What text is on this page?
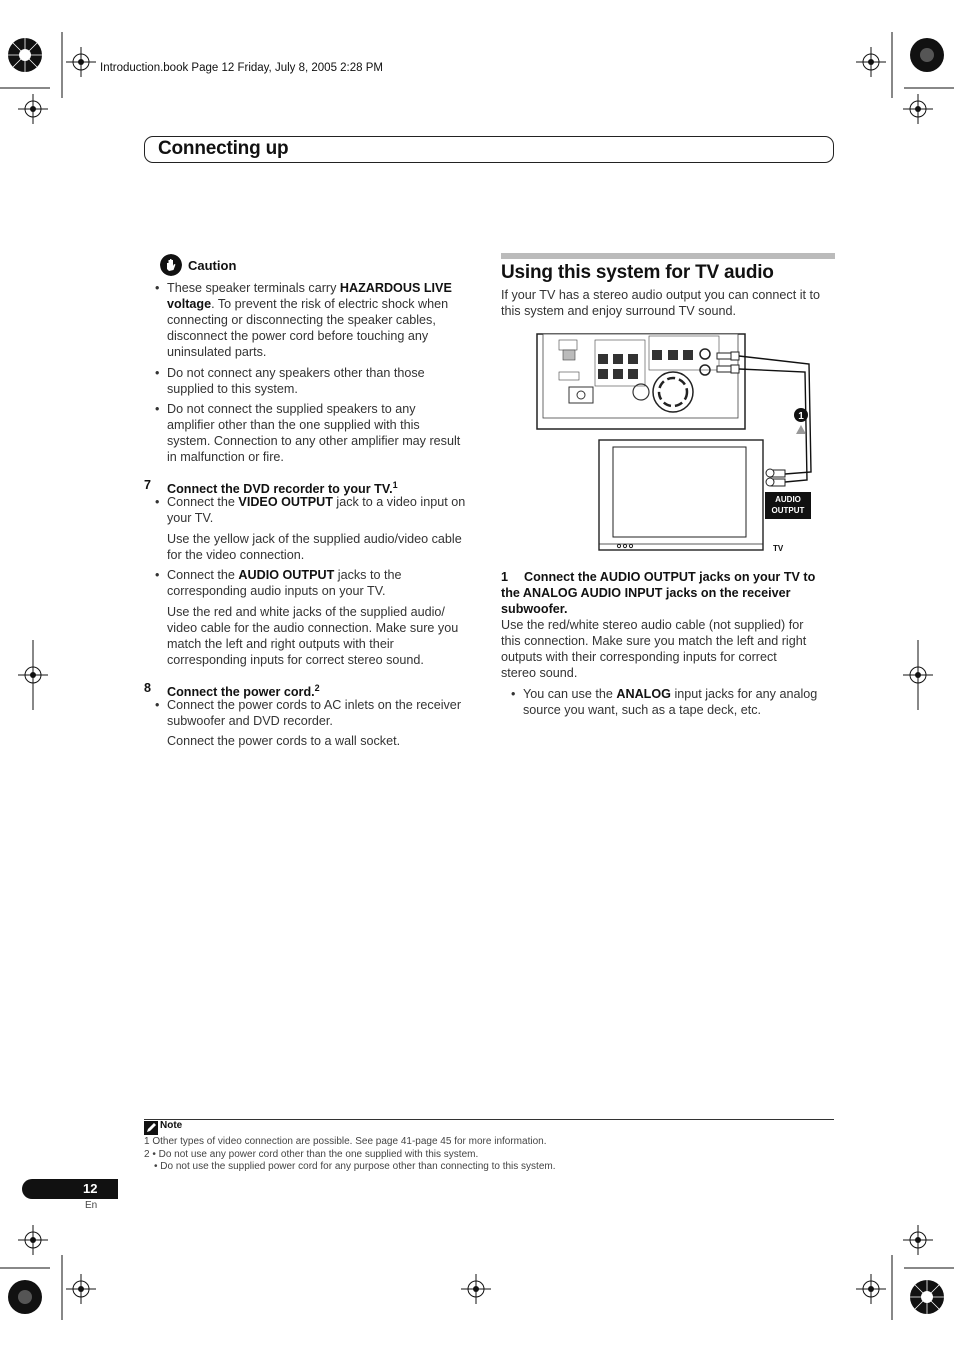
Introduction.book Page 12 Friday, July 8, 2005 2:28 PM
Connecting up
Caution
• These speaker terminals carry HAZARDOUS LIVE

voltage. To prevent the risk of electric shock when

connecting or disconnecting the speaker cables,

disconnect the power cord before touching any

uninsulated parts.

• Do not connect any speakers other than those

supplied to this system.

• Do not connect the supplied speakers to any

amplifier other than the one supplied with this

system. Connection to any other amplifier may result

in malfunction or fire.

7 Connect the DVD recorder to your TV.$^1$
• Connect the VIDEO OUTPUT jack to a video input on

your TV.

Use the yellow jack of the supplied audio/video cable

for the video connection.

• Connect the AUDIO OUTPUT jacks to the

corresponding audio inputs on your TV.

Use the red and white jacks of the supplied audio/

video cable for the audio connection. Make sure you

match the left and right outputs with their

corresponding inputs for correct stereo sound.

8 Connect the power cord.$^2$
• Connect the power cords to AC inlets on the receiver

subwoofer and DVD recorder.

Connect the power cords to a wall socket.

Using this system for TV audio

If your TV has a stereo audio output you can connect it to

this system and enjoy surround TV sound.

1
AUDIO
OUTPUT
TV
1
the ANALOG AUDIO INPUT jacks on the receiver
subwoofer.
Connect the AUDIO OUTPUT jacks on your TV to

Use the red/white stereo audio cable (not supplied) for

this connection. Make sure you match the left and right

outputs with their corresponding inputs for correct

stereo sound.

• You can use the ANALOG input jacks for any analog

source you want, such as a tape deck, etc.

Note
1 Other types of video connection are possible. See page 41-page 45 for more information.
2 • Do not use any power cord other than the one supplied with this system.
• Do not use the supplied power cord for any purpose other than connecting to this system.
12
En
